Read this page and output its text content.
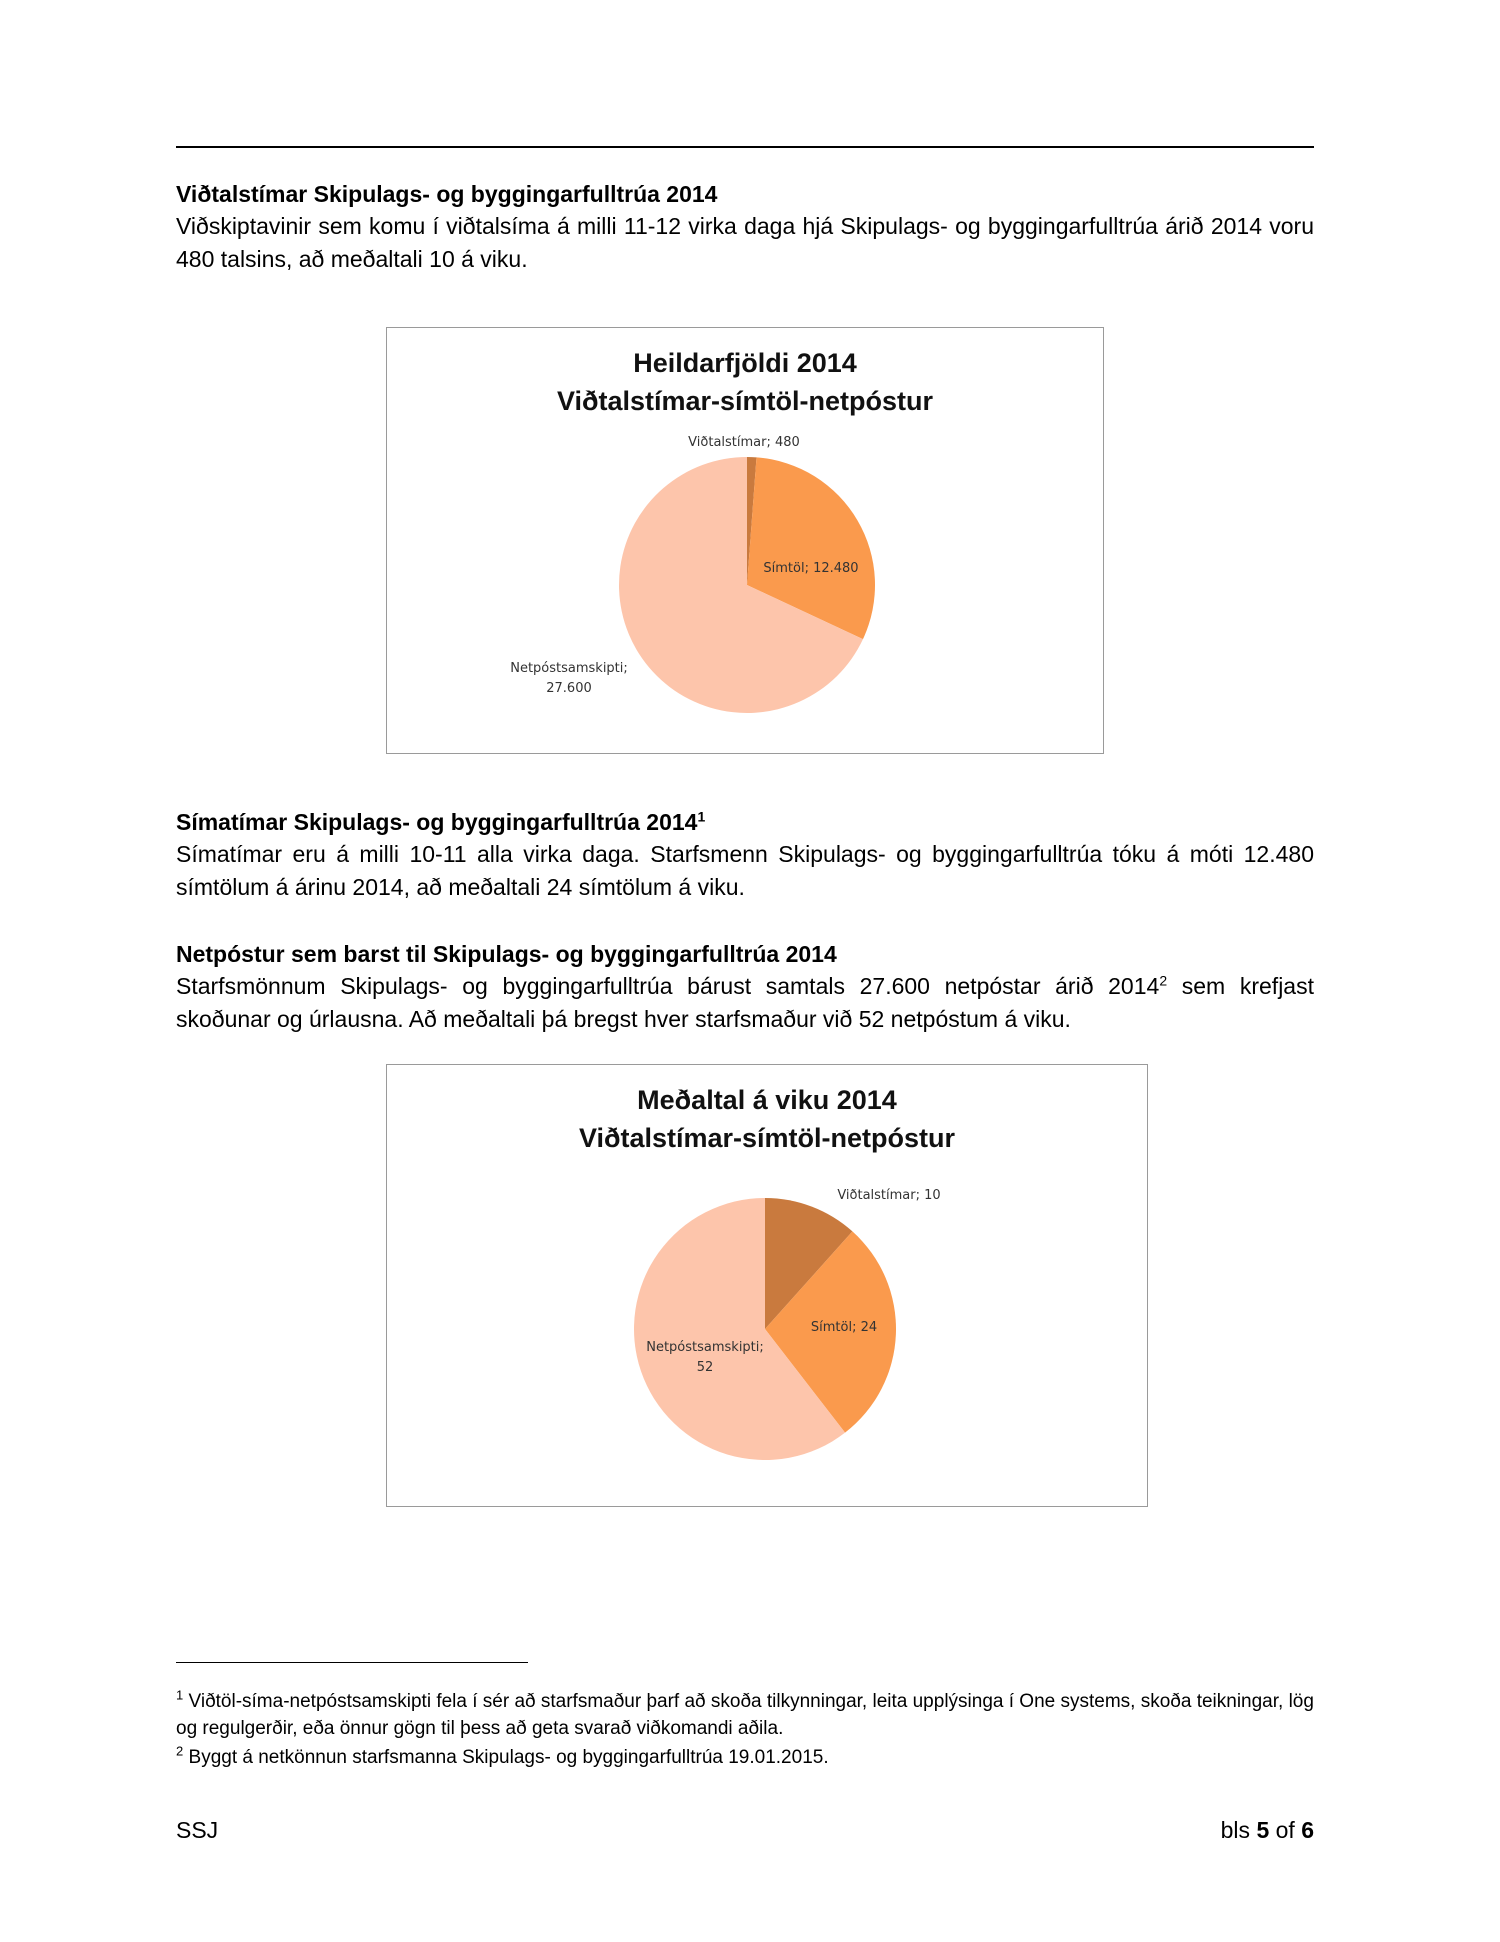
Viðtalstímar Skipulags- og byggingarfulltrúa 2014
Viðskiptavinir sem komu í viðtalsíma á milli 11-12 virka daga hjá Skipulags- og byggingarfulltrúa árið 2014 voru 480 talsins, að meðaltali 10 á viku.
Heildarfjöldi 2014
Viðtalstímar-símtöl-netpóstur
Viðtalstímar; 480
Símtöl; 12.480
Netpóstsamskipti;
27.600
Símatímar Skipulags- og byggingarfulltrúa 2014$^1$
Símatímar eru á milli 10-11 alla virka daga. Starfsmenn Skipulags- og byggingarfulltrúa tóku á móti 12.480 símtölum á árinu 2014, að meðaltali 24 símtölum á viku.
Netpóstur sem barst til Skipulags- og byggingarfulltrúa 2014
Starfsmönnum Skipulags- og byggingarfulltrúa bárust samtals 27.600 netpóstar árið 2014$^2$ sem krefjast skoðunar og úrlausna. Að meðaltali þá bregst hver starfsmaður við 52 netpóstum á viku.
Meðaltal á viku 2014
Viðtalstímar-símtöl-netpóstur
Viðtalstímar; 10
Símtöl; 24
Netpóstsamskipti;
52
$^1$ Viðtöl-síma-netpóstsamskipti fela í sér að starfsmaður þarf að skoða tilkynningar, leita upplýsinga í One systems, skoða teikningar, lög og regulgerðir, eða önnur gögn til þess að geta svarað viðkomandi aðila.
$^2$ Byggt á netkönnun starfsmanna Skipulags- og byggingarfulltrúa 19.01.2015.
SSJ	bls 5 of 6
